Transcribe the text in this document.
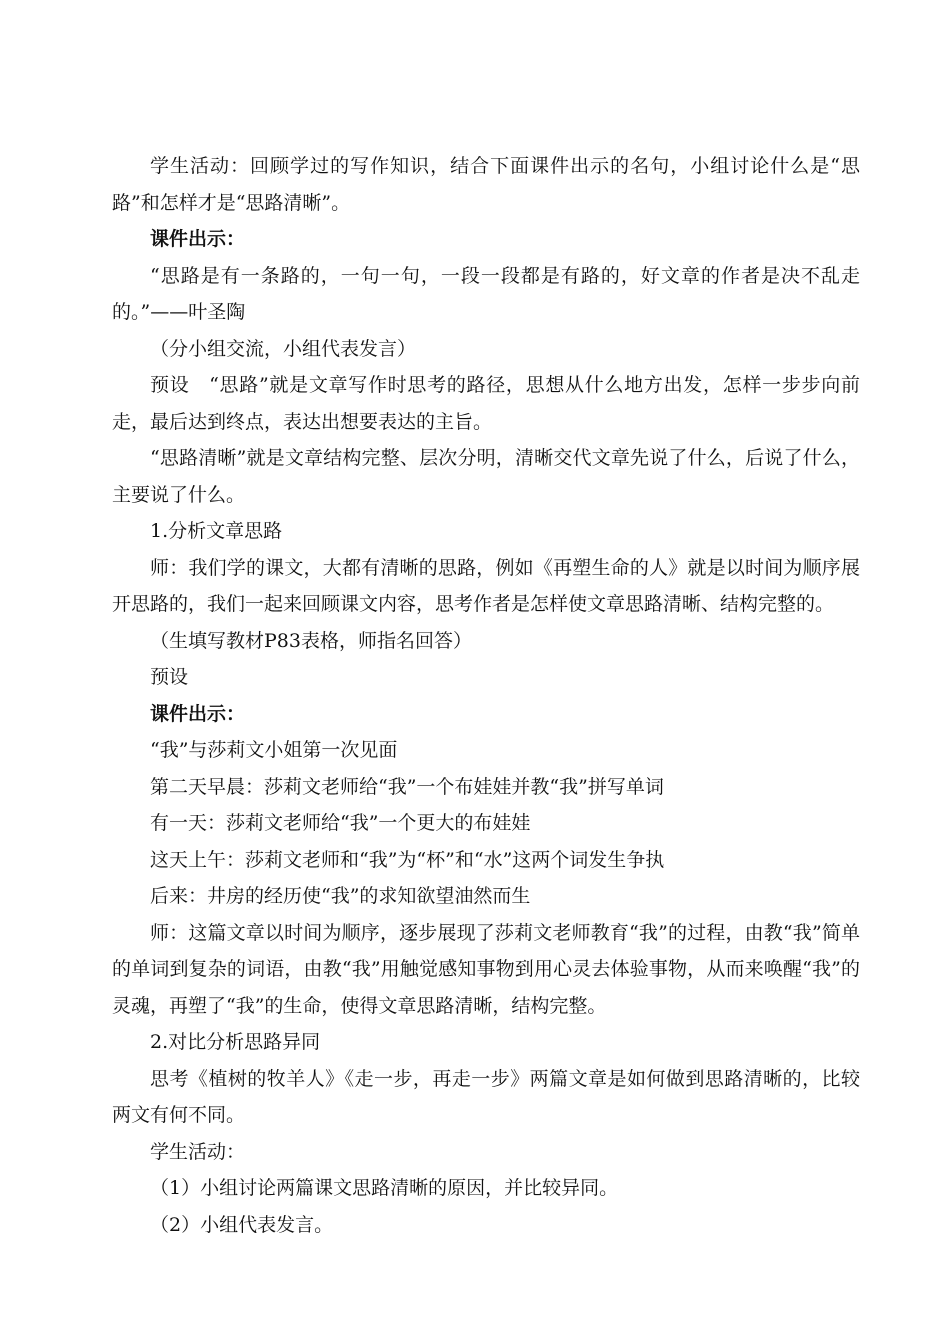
学生活动：回顾学过的写作知识，结合下面课件出示的名句，小组讨论什么是“思路”和怎样才是“思路清晰”。

课件出示：

“思路是有一条路的，一句一句，一段一段都是有路的，好文章的作者是决不乱走的。”——叶圣陶

（分小组交流，小组代表发言）

预设　“思路”就是文章写作时思考的路径，思想从什么地方出发，怎样一步步向前走，最后达到终点，表达出想要表达的主旨。

“思路清晰”就是文章结构完整、层次分明，清晰交代文章先说了什么，后说了什么，主要说了什么。

1.分析文章思路

师：我们学的课文，大都有清晰的思路，例如《再塑生命的人》就是以时间为顺序展开思路的，我们一起来回顾课文内容，思考作者是怎样使文章思路清晰、结构完整的。

（生填写教材P83表格，师指名回答）

预设

课件出示：

“我”与莎莉文小姐第一次见面

第二天早晨：莎莉文老师给“我”一个布娃娃并教“我”拼写单词

有一天：莎莉文老师给“我”一个更大的布娃娃

这天上午：莎莉文老师和“我”为“杯”和“水”这两个词发生争执

后来：井房的经历使“我”的求知欲望油然而生

师：这篇文章以时间为顺序，逐步展现了莎莉文老师教育“我”的过程，由教“我”简单的单词到复杂的词语，由教“我”用触觉感知事物到用心灵去体验事物，从而来唤醒“我”的灵魂，再塑了“我”的生命，使得文章思路清晰，结构完整。

2.对比分析思路异同

思考《植树的牧羊人》《走一步，再走一步》两篇文章是如何做到思路清晰的，比较两文有何不同。

学生活动：

（1）小组讨论两篇课文思路清晰的原因，并比较异同。

（2）小组代表发言。
